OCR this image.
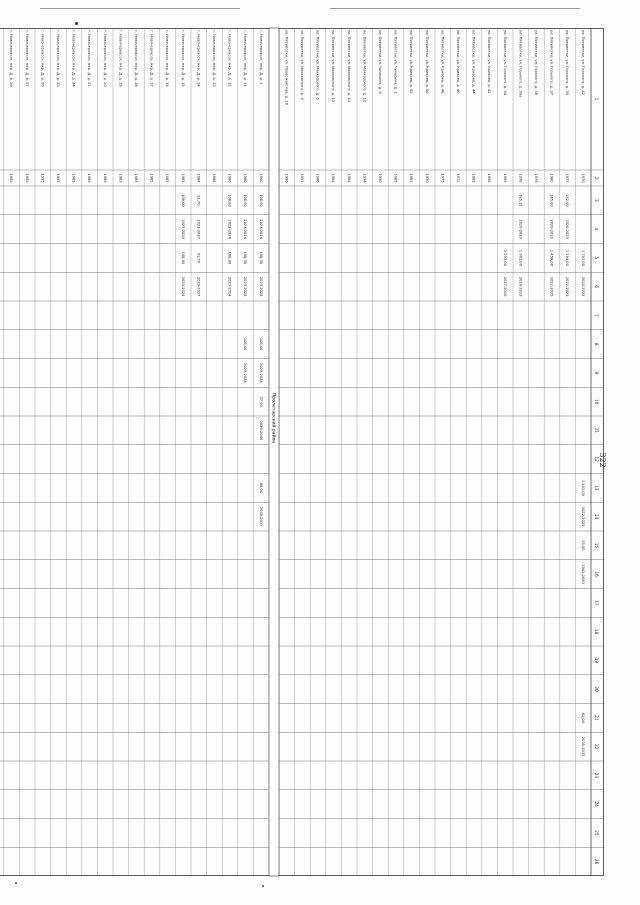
322
1
2
3
4
5
6
7
8
9
10
11
12
13
14
15
16
17
18
19
20
21
22
23
24
25
26
ул. Пятилетки, ул. Горького, д. 42
1970
1 791,00
2020-2022
1 191,00
2022-2025
25,00
2041-2043
62,00
2035-2037
ул. Пятилетки, ул. Горького, д. 35
1977
152,00
2020-2023
1 294,00
2022-2025
ул. Пятилетки, ул. Горького, д. 37
1980
145,00
2020-2023
1 458,00
2022-2025
ул. Пятилетки, ул. Горького, д. 38
1976
ул. Пятилетки, ул. Горького, д. 39а
1978
185,12
2020-2023
1 961,00
2020-2023
ул. Пятилетки, ул. Горького, д. 34
1969
2 233,00
2017-2019
ул. Пятилетки, ул. Кривова, д. 42
1956
ул. Пятилетки, ул. Кривова, д. 44
1982
ул. Пятилетки, ул. Кривова, д. 46
1972
ул. Пятилетки, ул. Кривова, д. 48
1975
ул. Пятилетки, ул. Кривова, д. 50
1970
ул. Пятилетки, ул. Кривова, д. 52
1981
ул. Пятилетки, ул. Чичерина, д. 1
1985
ул. Пятилетки, ул. Чичерина, д. 9
1990
ул. Пятилетки, ул. Маяковского, д. 10
1994
ул. Пятилетки, ул. Маяковского, д. 11
1984
ул. Пятилетки, ул. Маяковского, д. 12
1984
ул. Пятилетки, ул. Маяковского, д. 6
1986
ул. Пятилетки, ул. Маяковского, д. 9
1991
ул. Пятилетки, ул. Первомайская, д. 10
1986
Пролетарский район
г. Новочеркасск, мкр. Д, д. 1
1960
108,00
2023-2024
108,00
2023-2024
108,00
2023-2024
57,00
2039-2040
86,00
2035-2037
г. Новочеркасск, мкр. Д, д. 11
1980
108,00
2023-2024
108,00
2023-2024
108,00
2023-2024
г. Новочеркасск, мкр. Д, д. 12
1980
108,00
2023-2024
108,00
2023-2024
г. Новочеркасск, мкр. Д, д. 13
1988
г. Новочеркасск, мкр. Д, д. 14
1984
91,70
2023-2027
91,70
2023-2027
г. Новочеркасск, мкр. Д, д. 15
1981
108,00
2023-2024
108,00
2023-2024
г. Новочеркасск, мкр. Д, д. 16
1987
г. Новочеркасск, мкр. Д, д. 17
1985
г. Новочеркасск, мкр. Д, д. 18
1985
г. Новочеркасск, мкр. Д, д. 19
1983
г. Новочеркасск, мкр. Д, д. 20
1986
г. Новочеркасск, мкр. Д, д. 21
1986
г. Новочеркасск, мкр. Д, д. 24
1985
г. Новочеркасск, мкр. Д, д. 25
1995
г. Новочеркасск, мкр. Д, д. 26
1995
г. Новочеркасск, мкр. Д, д. 27
1995
г. Новочеркасск, мкр. Д, д. 28
1995
